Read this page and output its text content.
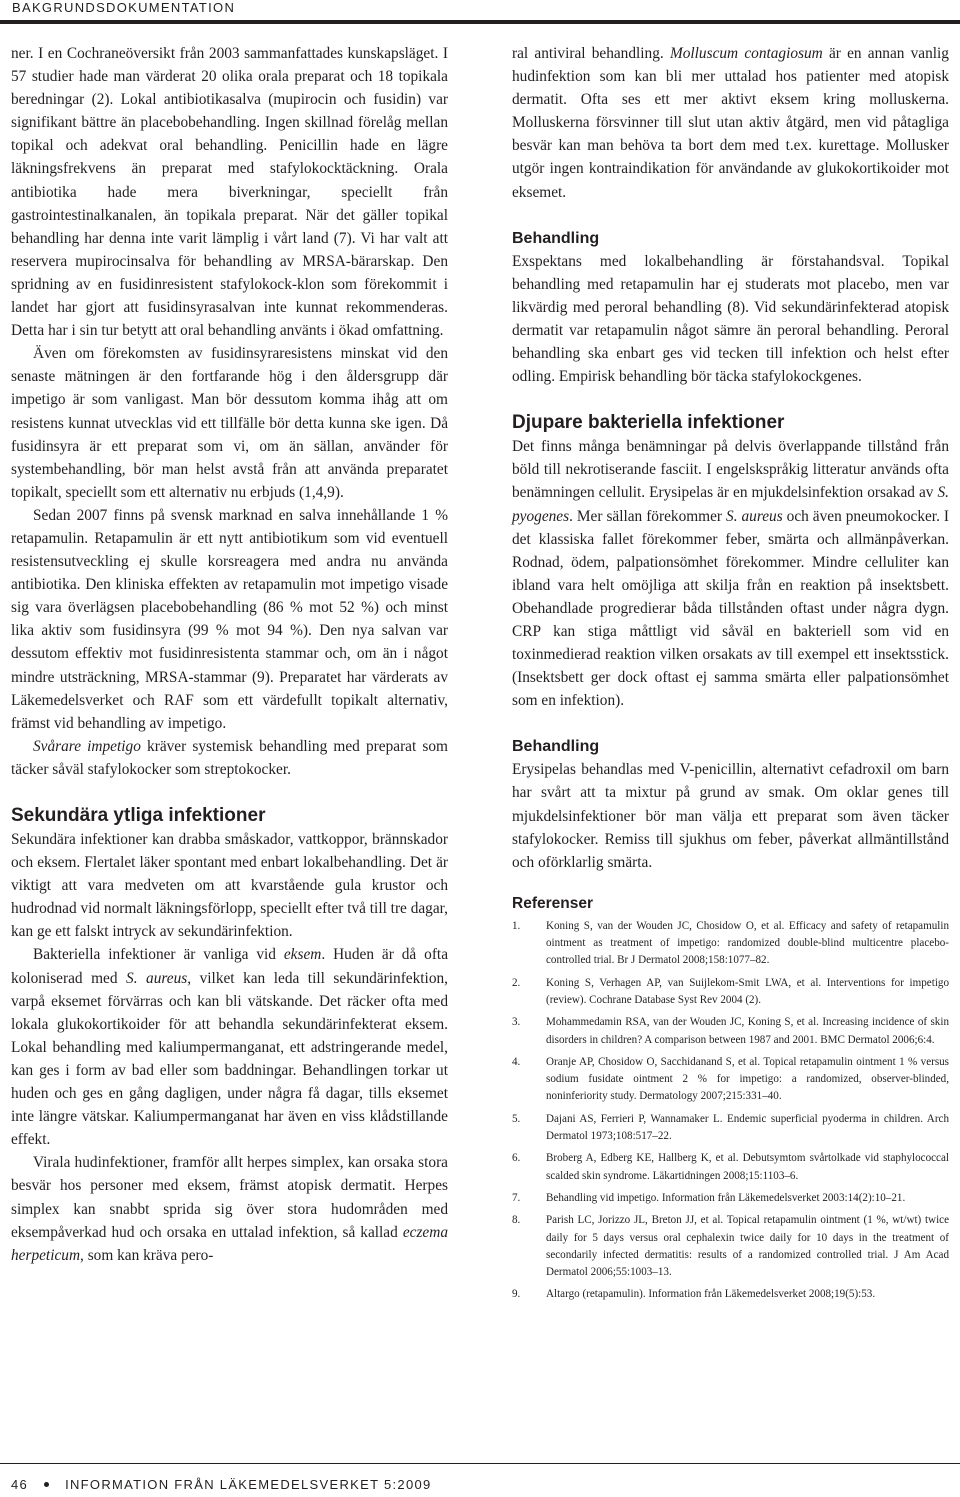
BAKGRUNDSDOKUMENTATION

ner. I en Cochraneöversikt från 2003 sammanfattades kunskapsläget. I 57 studier hade man värderat 20 olika orala preparat och 18 topikala beredningar (2). Lokal antibiotikasalva (mupirocin och fusidin) var signifikant bättre än placebobehandling. Ingen skillnad förelåg mellan topikal och adekvat oral behandling. Penicillin hade en lägre läkningsfrekvens än preparat med stafylokocktäckning. Orala antibiotika hade mera biverkningar, speciellt från gastrointestinalkanalen, än topikala preparat. När det gäller topikal behandling har denna inte varit lämplig i vårt land (7). Vi har valt att reservera mupirocinsalva för behandling av MRSA-bärarskap. Den spridning av en fusidinresistent stafylokock-klon som förekommit i landet har gjort att fusidinsyrasalvan inte kunnat rekommenderas. Detta har i sin tur betytt att oral behandling använts i ökad omfattning.

Även om förekomsten av fusidinsyraresistens minskat vid den senaste mätningen är den fortfarande hög i den åldersgrupp där impetigo är som vanligast. Man bör dessutom komma ihåg att om resistens kunnat utvecklas vid ett tillfälle bör detta kunna ske igen. Då fusidinsyra är ett preparat som vi, om än sällan, använder för systembehandling, bör man helst avstå från att använda preparatet topikalt, speciellt som ett alternativ nu erbjuds (1,4,9).

Sedan 2007 finns på svensk marknad en salva innehållande 1 % retapamulin. Retapamulin är ett nytt antibiotikum som vid eventuell resistensutveckling ej skulle korsreagera med andra nu använda antibiotika. Den kliniska effekten av retapamulin mot impetigo visade sig vara överlägsen placebobehandling (86 % mot 52 %) och minst lika aktiv som fusidinsyra (99 % mot 94 %). Den nya salvan var dessutom effektiv mot fusidinresistenta stammar och, om än i något mindre utsträckning, MRSA-stammar (9). Preparatet har värderats av Läkemedelsverket och RAF som ett värdefullt topikalt alternativ, främst vid behandling av impetigo.

Svårare impetigo kräver systemisk behandling med preparat som täcker såväl stafylokocker som streptokocker.

Sekundära ytliga infektioner

Sekundära infektioner kan drabba småskador, vattkoppor, brännskador och eksem. Flertalet läker spontant med enbart lokalbehandling. Det är viktigt att vara medveten om att kvarstående gula krustor och hudrodnad vid normalt läkningsförlopp, speciellt efter två till tre dagar, kan ge ett falskt intryck av sekundärinfektion.

Bakteriella infektioner är vanliga vid eksem. Huden är då ofta koloniserad med S. aureus, vilket kan leda till sekundärinfektion, varpå eksemet förvärras och kan bli vätskande. Det räcker ofta med lokala glukokortikoider för att behandla sekundärinfekterat eksem. Lokal behandling med kaliumpermanganat, ett adstringerande medel, kan ges i form av bad eller som baddningar. Behandlingen torkar ut huden och ges en gång dagligen, under några få dagar, tills eksemet inte längre vätskar. Kaliumpermanganat har även en viss klådstillande effekt.

Virala hudinfektioner, framför allt herpes simplex, kan orsaka stora besvär hos personer med eksem, främst atopisk dermatit. Herpes simplex kan snabbt sprida sig över stora hudområden med eksempåverkad hud och orsaka en uttalad infektion, så kallad eczema herpeticum, som kan kräva pero-

ral antiviral behandling. Molluscum contagiosum är en annan vanlig hudinfektion som kan bli mer uttalad hos patienter med atopisk dermatit. Ofta ses ett mer aktivt eksem kring molluskerna. Molluskerna försvinner till slut utan aktiv åtgärd, men vid påtagliga besvär kan man behöva ta bort dem med t.ex. kurettage. Mollusker utgör ingen kontraindikation för användande av glukokortikoider mot eksemet.

Behandling

Exspektans med lokalbehandling är förstahandsval. Topikal behandling med retapamulin har ej studerats mot placebo, men var likvärdig med peroral behandling (8). Vid sekundärinfekterad atopisk dermatit var retapamulin något sämre än peroral behandling. Peroral behandling ska enbart ges vid tecken till infektion och helst efter odling. Empirisk behandling bör täcka stafylokockgenes.

Djupare bakteriella infektioner

Det finns många benämningar på delvis överlappande tillstånd från böld till nekrotiserande fasciit. I engelskspråkig litteratur används ofta benämningen cellulit. Erysipelas är en mjukdelsinfektion orsakad av S. pyogenes. Mer sällan förekommer S. aureus och även pneumokocker. I det klassiska fallet förekommer feber, smärta och allmänpåverkan. Rodnad, ödem, palpationsömhet förekommer. Mindre celluliter kan ibland vara helt omöjliga att skilja från en reaktion på insektsbett. Obehandlade progredierar båda tillstånden oftast under några dygn. CRP kan stiga måttligt vid såväl en bakteriell som vid en toxinmedierad reaktion vilken orsakats av till exempel ett insektsstick. (Insektsbett ger dock oftast ej samma smärta eller palpationsömhet som en infektion).

Behandling

Erysipelas behandlas med V-penicillin, alternativt cefadroxil om barn har svårt att ta mixtur på grund av smak. Om oklar genes till mjukdelsinfektioner bör man välja ett preparat som även täcker stafylokocker. Remiss till sjukhus om feber, påverkat allmäntillstånd och oförklarlig smärta.

Referenser
1.	Koning S, van der Wouden JC, Chosidow O, et al. Efficacy and safety of retapamulin ointment as treatment of impetigo: randomized double-blind multicentre placebo-controlled trial. Br J Dermatol 2008;158:1077–82.
2.	Koning S, Verhagen AP, van Suijlekom-Smit LWA, et al. Interventions for impetigo (review). Cochrane Database Syst Rev 2004 (2).
3.	Mohammedamin RSA, van der Wouden JC, Koning S, et al. Increasing incidence of skin disorders in children? A comparison between 1987 and 2001. BMC Dermatol 2006;6:4.
4.	Oranje AP, Chosidow O, Sacchidanand S, et al. Topical retapamulin ointment 1 % versus sodium fusidate ointment 2 % for impetigo: a randomized, observer-blinded, noninferiority study. Dermatology 2007;215:331–40.
5.	Dajani AS, Ferrieri P, Wannamaker L. Endemic superficial pyoderma in children. Arch Dermatol 1973;108:517–22.
6.	Broberg A, Edberg KE, Hallberg K, et al. Debutsymtom svårtolkade vid staphylococcal scalded skin syndrome. Läkartidningen 2008;15:1103–6.
7.	Behandling vid impetigo. Information från Läkemedelsverket 2003:14(2):10–21.
8.	Parish LC, Jorizzo JL, Breton JJ, et al. Topical retapamulin ointment (1 %, wt/wt) twice daily for 5 days versus oral cephalexin twice daily for 10 days in the treatment of secondarily infected dermatitis: results of a randomized controlled trial. J Am Acad Dermatol 2006;55:1003–13.
9.	Altargo (retapamulin). Information från Läkemedelsverket 2008;19(5):53.
46	INFORMATION FRÅN LÄKEMEDELSVERKET 5:2009
